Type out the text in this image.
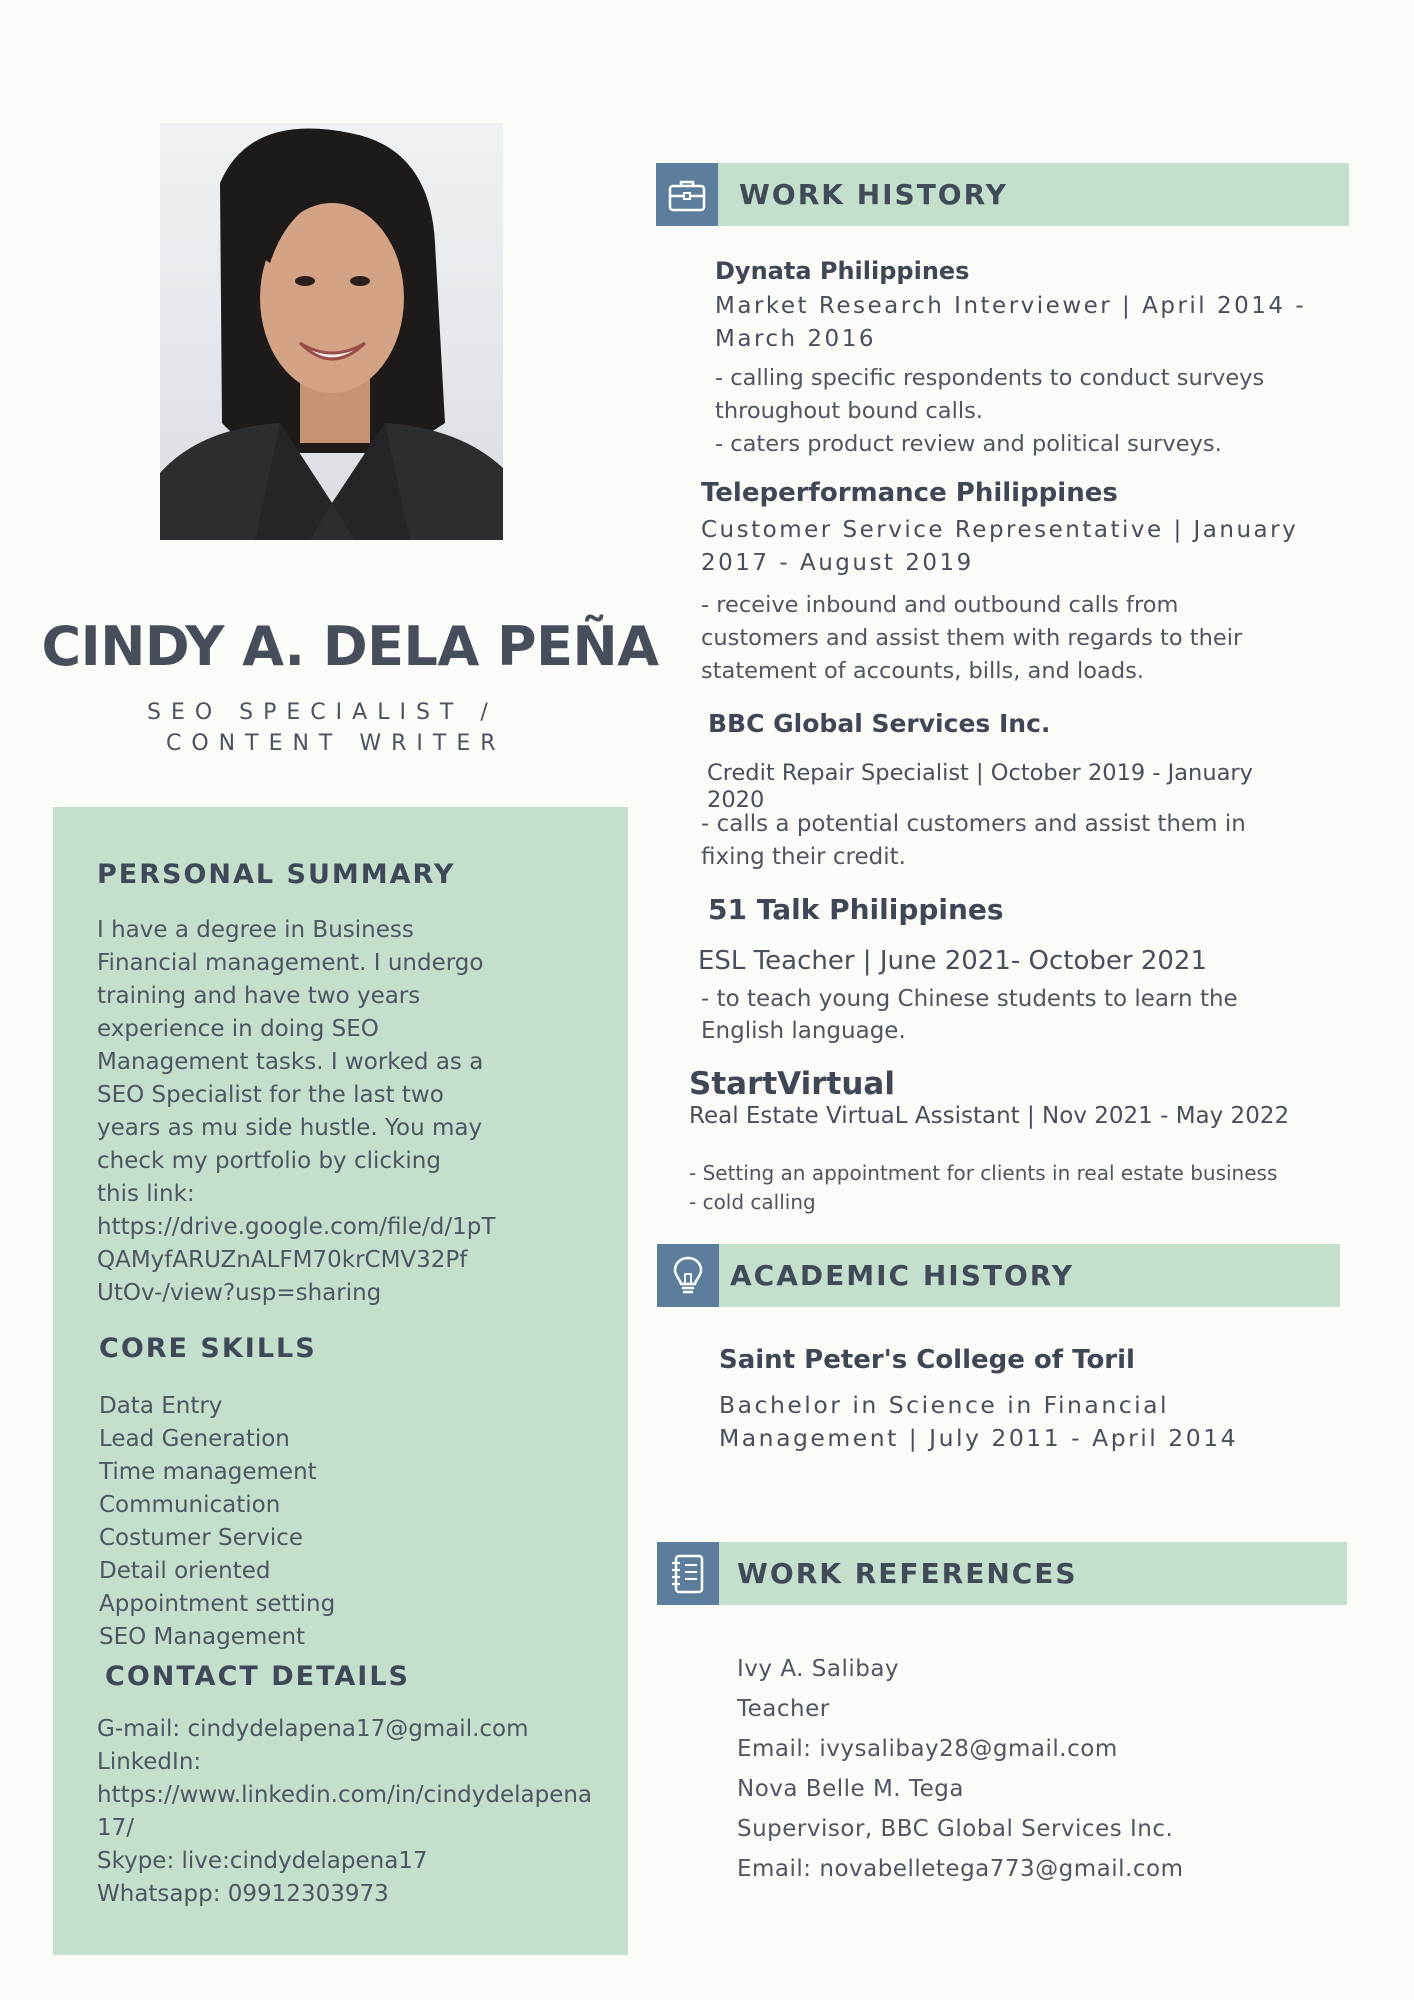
CINDY A. DELA PEÑA
SEO SPECIALIST /
CONTENT WRITER
PERSONAL SUMMARY
I have a degree in Business
Financial management. I undergo
training and have two years
experience in doing SEO
Management tasks. I worked as a
SEO Specialist for the last two
years as mu side hustle. You may
check my portfolio by clicking
this link:
https://drive.google.com/file/d/1pT
QAMyfARUZnALFM70krCMV32Pf
UtOv-/view?usp=sharing
CORE SKILLS
Data Entry
Lead Generation
Time management
Communication
Costumer Service
Detail oriented
Appointment setting
SEO Management
CONTACT DETAILS
G-mail: cindydelapena17@gmail.com
LinkedIn:
https://www.linkedin.com/in/cindydelapena
17/
Skype: live:cindydelapena17
Whatsapp: 09912303973
WORK HISTORY
Dynata Philippines
Market Research Interviewer | April 2014 -
March 2016
- calling specific respondents to conduct surveys
throughout bound calls.
- caters product review and political surveys.
Teleperformance Philippines
Customer Service Representative | January
2017 - August 2019
- receive inbound and outbound calls from
customers and assist them with regards to their
statement of accounts, bills, and loads.
BBC Global Services Inc.
Credit Repair Specialist | October 2019 - January
2020
- calls a potential customers and assist them in
fixing their credit.
51 Talk Philippines
ESL Teacher | June 2021- October 2021
- to teach young Chinese students to learn the
English language.
StartVirtual
Real Estate VirtuaL Assistant | Nov 2021 - May 2022
- Setting an appointment for clients in real estate business
- cold calling
ACADEMIC HISTORY
Saint Peter's College of Toril
Bachelor in Science in Financial
Management | July 2011 - April 2014
WORK REFERENCES
Ivy A. Salibay
Teacher
Email: ivysalibay28@gmail.com
Nova Belle M. Tega
Supervisor, BBC Global Services Inc.
Email: novabelletega773@gmail.com
